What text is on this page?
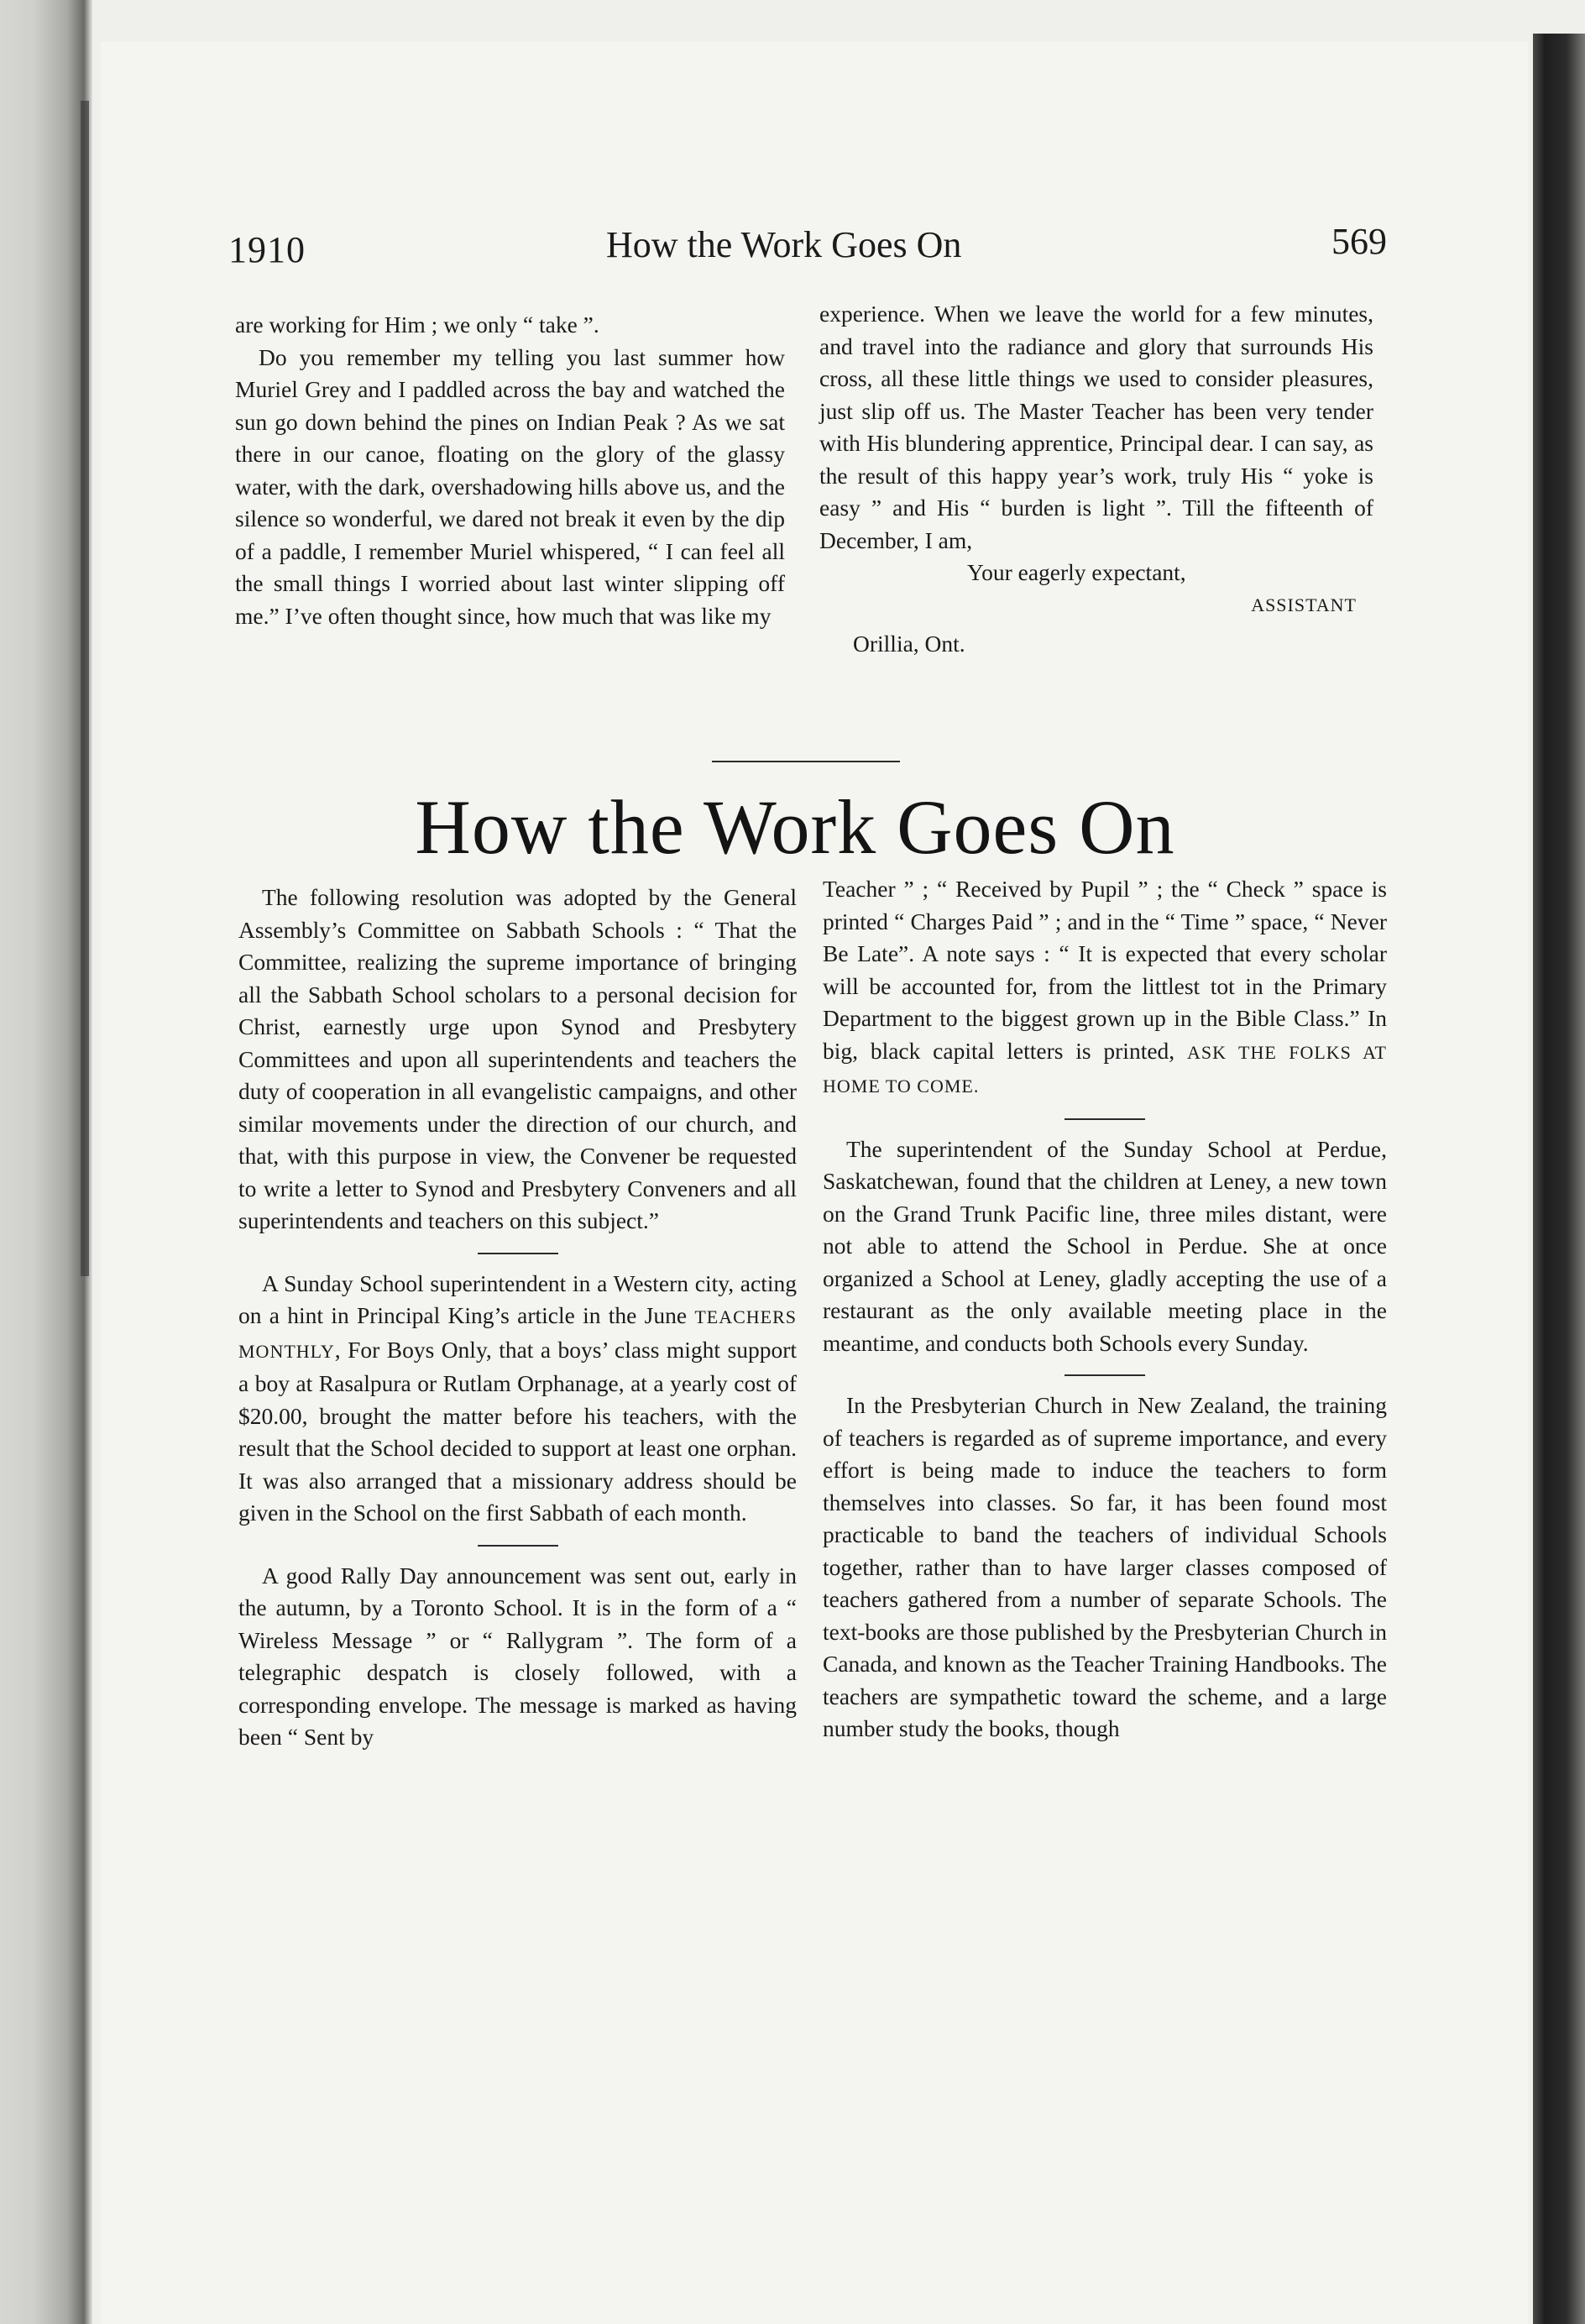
1910	How the Work Goes On	569

are working for Him ; we only “ take ”.

Do you remember my telling you last summer how Muriel Grey and I paddled across the bay and watched the sun go down behind the pines on Indian Peak ? As we sat there in our canoe, floating on the glory of the glassy water, with the dark, overshadowing hills above us, and the silence so wonderful, we dared not break it even by the dip of a paddle, I remember Muriel whispered, “ I can feel all the small things I worried about last winter slipping off me.” I’ve often thought since, how much that was like my

experience. When we leave the world for a few minutes, and travel into the radiance and glory that surrounds His cross, all these little things we used to consider pleasures, just slip off us. The Master Teacher has been very tender with His blundering apprentice, Principal dear. I can say, as the result of this happy year’s work, truly His “ yoke is easy ” and His “ burden is light ”. Till the fifteenth of December, I am,

Your eagerly expectant,

ASSISTANT

Orillia, Ont.

How the Work Goes On

The following resolution was adopted by the General Assembly’s Committee on Sabbath Schools : “ That the Committee, realizing the supreme importance of bringing all the Sabbath School scholars to a personal decision for Christ, earnestly urge upon Synod and Presbytery Committees and upon all superintendents and teachers the duty of cooperation in all evangelistic campaigns, and other similar movements under the direction of our church, and that, with this purpose in view, the Convener be requested to write a letter to Synod and Presbytery Conveners and all superintendents and teachers on this subject.”

A Sunday School superintendent in a Western city, acting on a hint in Principal King’s article in the June TEACHERS MONTHLY, For Boys Only, that a boys’ class might support a boy at Rasalpura or Rutlam Orphanage, at a yearly cost of $20.00, brought the matter before his teachers, with the result that the School decided to support at least one orphan. It was also arranged that a missionary address should be given in the School on the first Sabbath of each month.

A good Rally Day announcement was sent out, early in the autumn, by a Toronto School. It is in the form of a “ Wireless Message ” or “ Rallygram ”. The form of a telegraphic despatch is closely followed, with a corresponding envelope. The message is marked as having been “ Sent by

Teacher ” ; “ Received by Pupil ” ; the “ Check ” space is printed “ Charges Paid ” ; and in the “ Time ” space, “ Never Be Late”. A note says : “ It is expected that every scholar will be accounted for, from the littlest tot in the Primary Department to the biggest grown up in the Bible Class.” In big, black capital letters is printed, ASK THE FOLKS AT HOME TO COME.

The superintendent of the Sunday School at Perdue, Saskatchewan, found that the children at Leney, a new town on the Grand Trunk Pacific line, three miles distant, were not able to attend the School in Perdue. She at once organized a School at Leney, gladly accepting the use of a restaurant as the only available meeting place in the meantime, and conducts both Schools every Sunday.

In the Presbyterian Church in New Zealand, the training of teachers is regarded as of supreme importance, and every effort is being made to induce the teachers to form themselves into classes. So far, it has been found most practicable to band the teachers of individual Schools together, rather than to have larger classes composed of teachers gathered from a number of separate Schools. The text-books are those published by the Presbyterian Church in Canada, and known as the Teacher Training Handbooks. The teachers are sympathetic toward the scheme, and a large number study the books, though
